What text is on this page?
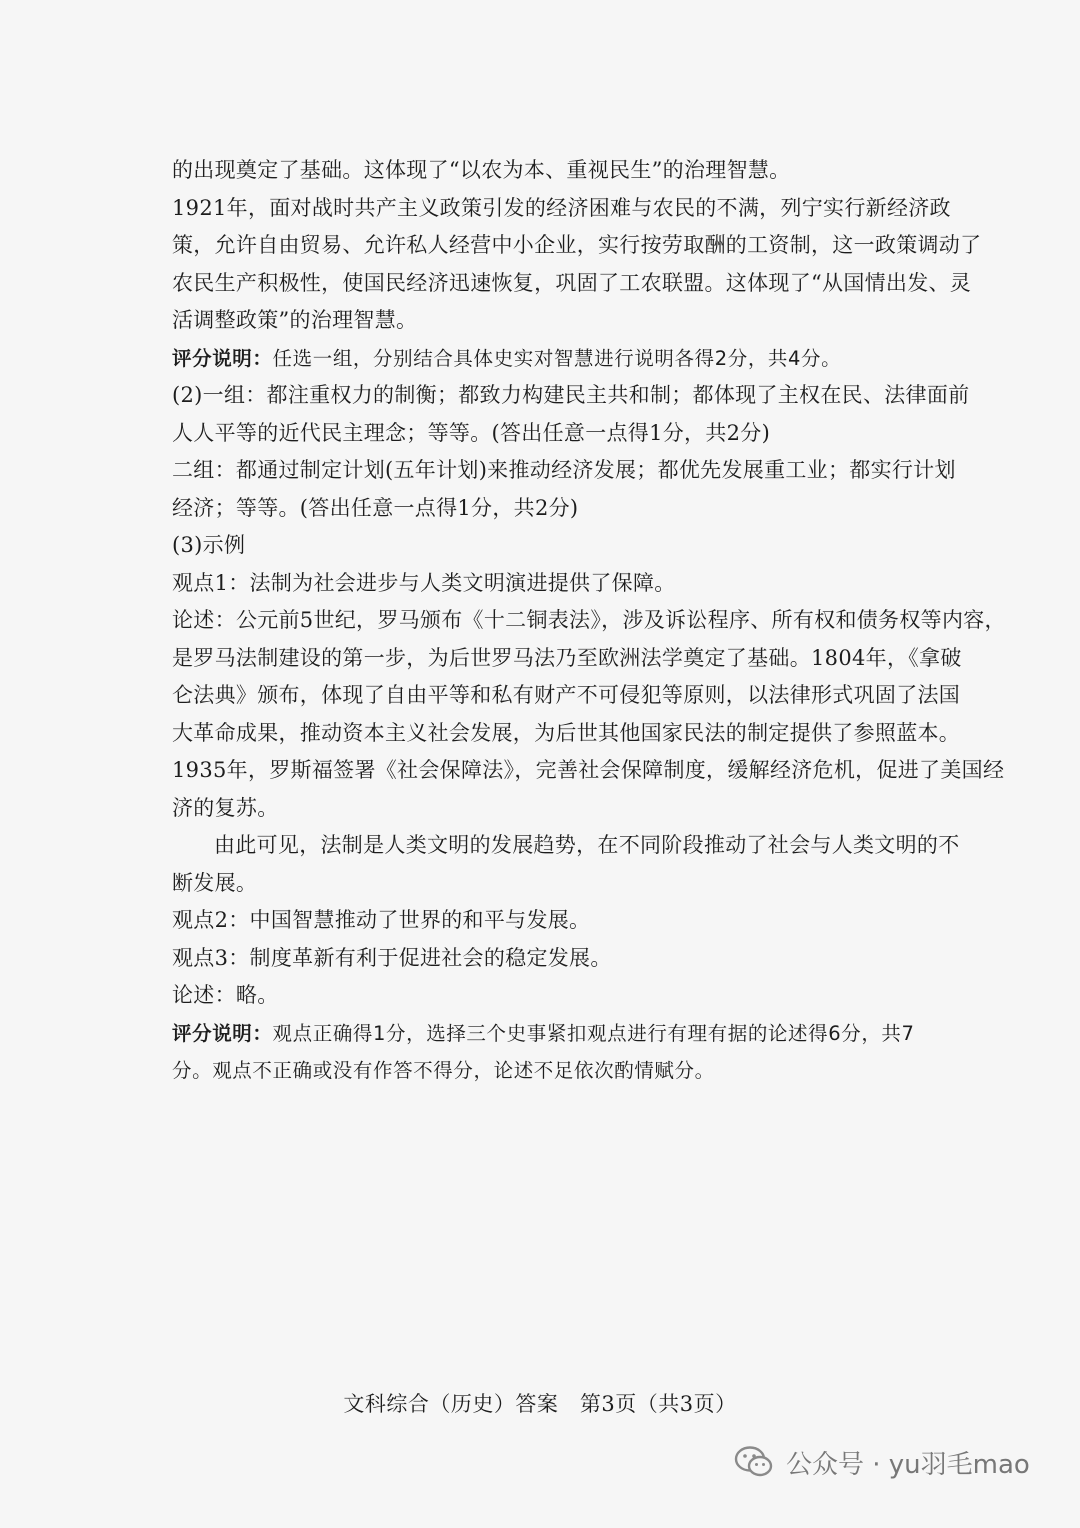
的出现奠定了基础。这体现了“以农为本、重视民生”的治理智慧。
1921年，面对战时共产主义政策引发的经济困难与农民的不满，列宁实行新经济政
策，允许自由贸易、允许私人经营中小企业，实行按劳取酬的工资制，这一政策调动了
农民生产积极性，使国民经济迅速恢复，巩固了工农联盟。这体现了“从国情出发、灵
活调整政策”的治理智慧。
评分说明：任选一组，分别结合具体史实对智慧进行说明各得2分，共4分。
(2)一组：都注重权力的制衡；都致力构建民主共和制；都体现了主权在民、法律面前
人人平等的近代民主理念；等等。(答出任意一点得1分，共2分)
二组：都通过制定计划(五年计划)来推动经济发展；都优先发展重工业；都实行计划
经济；等等。(答出任意一点得1分，共2分)
(3)示例
观点1：法制为社会进步与人类文明演进提供了保障。
论述：公元前5世纪，罗马颁布《十二铜表法》，涉及诉讼程序、所有权和债务权等内容，
是罗马法制建设的第一步，为后世罗马法乃至欧洲法学奠定了基础。1804年，《拿破
仑法典》颁布，体现了自由平等和私有财产不可侵犯等原则，以法律形式巩固了法国
大革命成果，推动资本主义社会发展，为后世其他国家民法的制定提供了参照蓝本。
1935年，罗斯福签署《社会保障法》，完善社会保障制度，缓解经济危机，促进了美国经
济的复苏。
由此可见，法制是人类文明的发展趋势，在不同阶段推动了社会与人类文明的不
断发展。
观点2：中国智慧推动了世界的和平与发展。
观点3：制度革新有利于促进社会的稳定发展。
论述：略。
评分说明：观点正确得1分，选择三个史事紧扣观点进行有理有据的论述得6分，共7
分。观点不正确或没有作答不得分，论述不足依次酌情赋分。
文科综合（历史）答案　第3页（共3页）
公众号 · yu羽毛mao
